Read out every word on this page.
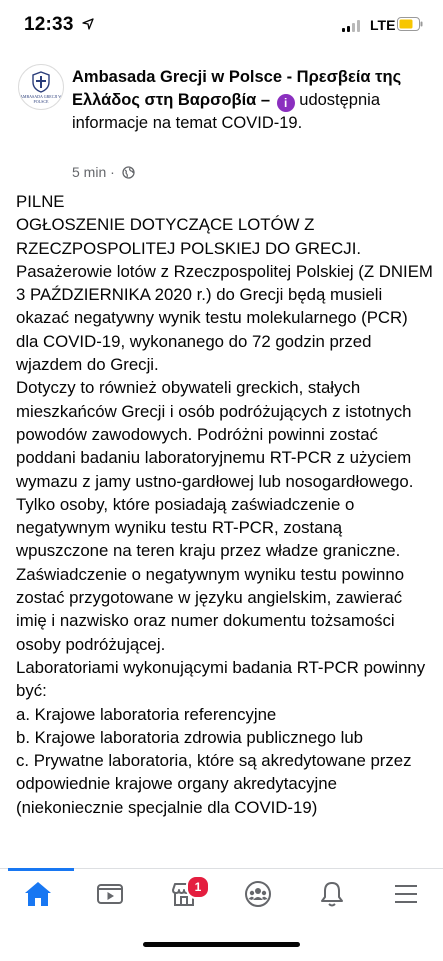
12:33	LTE
AMBASADA GRECJI W POLSCE
Ambasada Grecji w Polsce - Πρεσβεία της Ελλάδος στη Βαρσοβία – i udostępnia informacje na temat COVID-19.
5 min ·

PILNE

OGŁOSZENIE DOTYCZĄCE LOTÓW Z RZECZPOSPOLITEJ POLSKIEJ DO GRECJI.

Pasażerowie lotów z Rzeczpospolitej Polskiej (Z DNIEM 3 PAŹDZIERNIKA 2020 r.) do Grecji będą musieli okazać negatywny wynik testu molekularnego (PCR) dla COVID-19, wykonanego do 72 godzin przed wjazdem do Grecji.

Dotyczy to również obywateli greckich, stałych mieszkańców Grecji i osób podróżujących z istotnych powodów zawodowych. Podróżni powinni zostać poddani badaniu laboratoryjnemu RT-PCR z użyciem wymazu z jamy ustno-gardłowej lub nosogardłowego.

Tylko osoby, które posiadają zaświadczenie o negatywnym wyniku testu RT-PCR, zostaną wpuszczone na teren kraju przez władze graniczne.

Zaświadczenie o negatywnym wyniku testu powinno zostać przygotowane w języku angielskim, zawierać imię i nazwisko oraz numer dokumentu tożsamości osoby podróżującej.

Laboratoriami wykonującymi badania RT-PCR powinny być:

a. Krajowe laboratoria referencyjne

b. Krajowe laboratoria zdrowia publicznego lub

c. Prywatne laboratoria, które są akredytowane przez odpowiednie krajowe organy akredytacyjne

(niekoniecznie specjalnie dla COVID-19)

1
